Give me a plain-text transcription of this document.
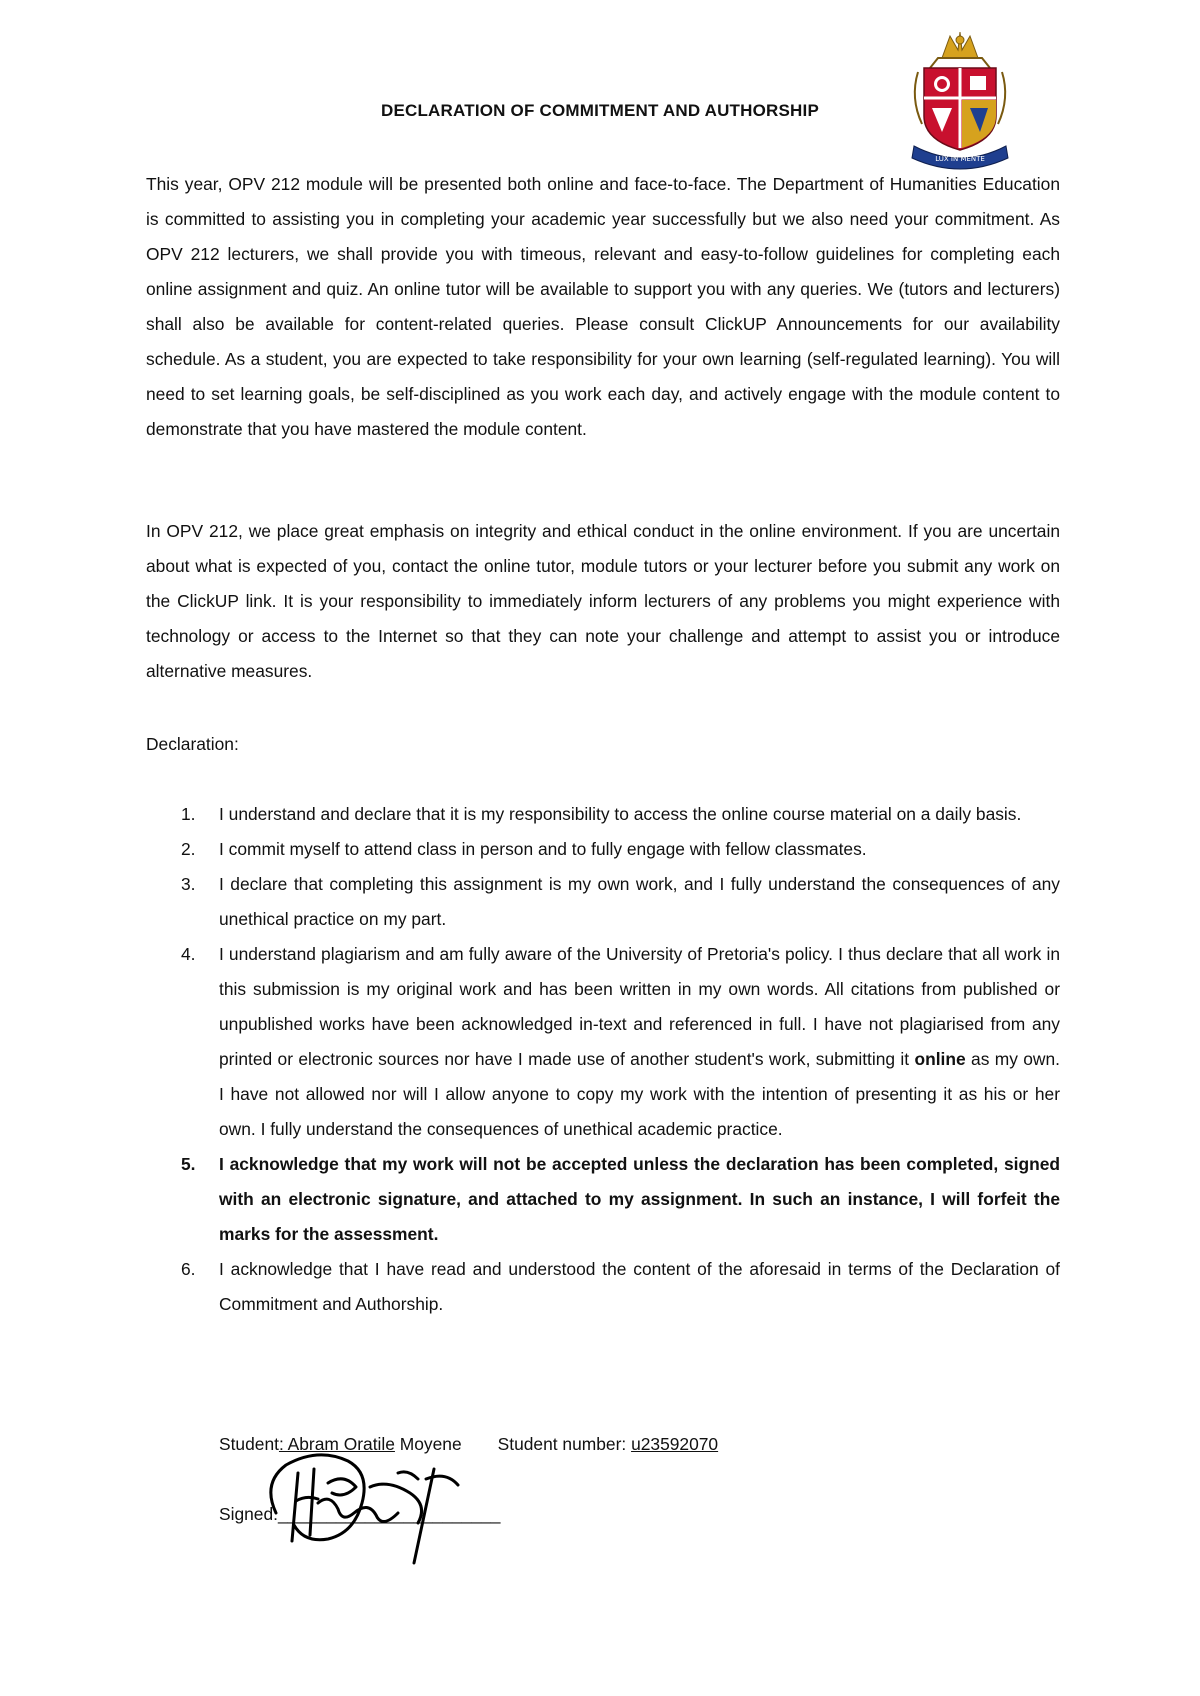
LUX IN MENTE
DECLARATION OF COMMITMENT AND AUTHORSHIP

This year, OPV 212 module will be presented both online and face-to-face. The Department of Humanities Education is committed to assisting you in completing your academic year successfully but we also need your commitment. As OPV 212 lecturers, we shall provide you with timeous, relevant and easy-to-follow guidelines for completing each online assignment and quiz. An online tutor will be available to support you with any queries. We (tutors and lecturers) shall also be available for content-related queries. Please consult ClickUP Announcements for our availability schedule. As a student, you are expected to take responsibility for your own learning (self-regulated learning). You will need to set learning goals, be self-disciplined as you work each day, and actively engage with the module content to demonstrate that you have mastered the module content.

In OPV 212, we place great emphasis on integrity and ethical conduct in the online environment. If you are uncertain about what is expected of you, contact the online tutor, module tutors or your lecturer before you submit any work on the ClickUP link. It is your responsibility to immediately inform lecturers of any problems you might experience with technology or access to the Internet so that they can note your challenge and attempt to assist you or introduce alternative measures.

Declaration:

1. I understand and declare that it is my responsibility to access the online course material on a daily basis.
2. I commit myself to attend class in person and to fully engage with fellow classmates.
3. I declare that completing this assignment is my own work, and I fully understand the consequences of any unethical practice on my part.
4. I understand plagiarism and am fully aware of the University of Pretoria's policy. I thus declare that all work in this submission is my original work and has been written in my own words. All citations from published or unpublished works have been acknowledged in-text and referenced in full. I have not plagiarised from any printed or electronic sources nor have I made use of another student's work, submitting it online as my own. I have not allowed nor will I allow anyone to copy my work with the intention of presenting it as his or her own. I fully understand the consequences of unethical academic practice.
5. I acknowledge that my work will not be accepted unless the declaration has been completed, signed with an electronic signature, and attached to my assignment. In such an instance, I will forfeit the marks for the assessment.
6. I acknowledge that I have read and understood the content of the aforesaid in terms of the Declaration of Commitment and Authorship.
Student: Abram Oratile Moyene Student number: u23592070
Signed:_______________________
